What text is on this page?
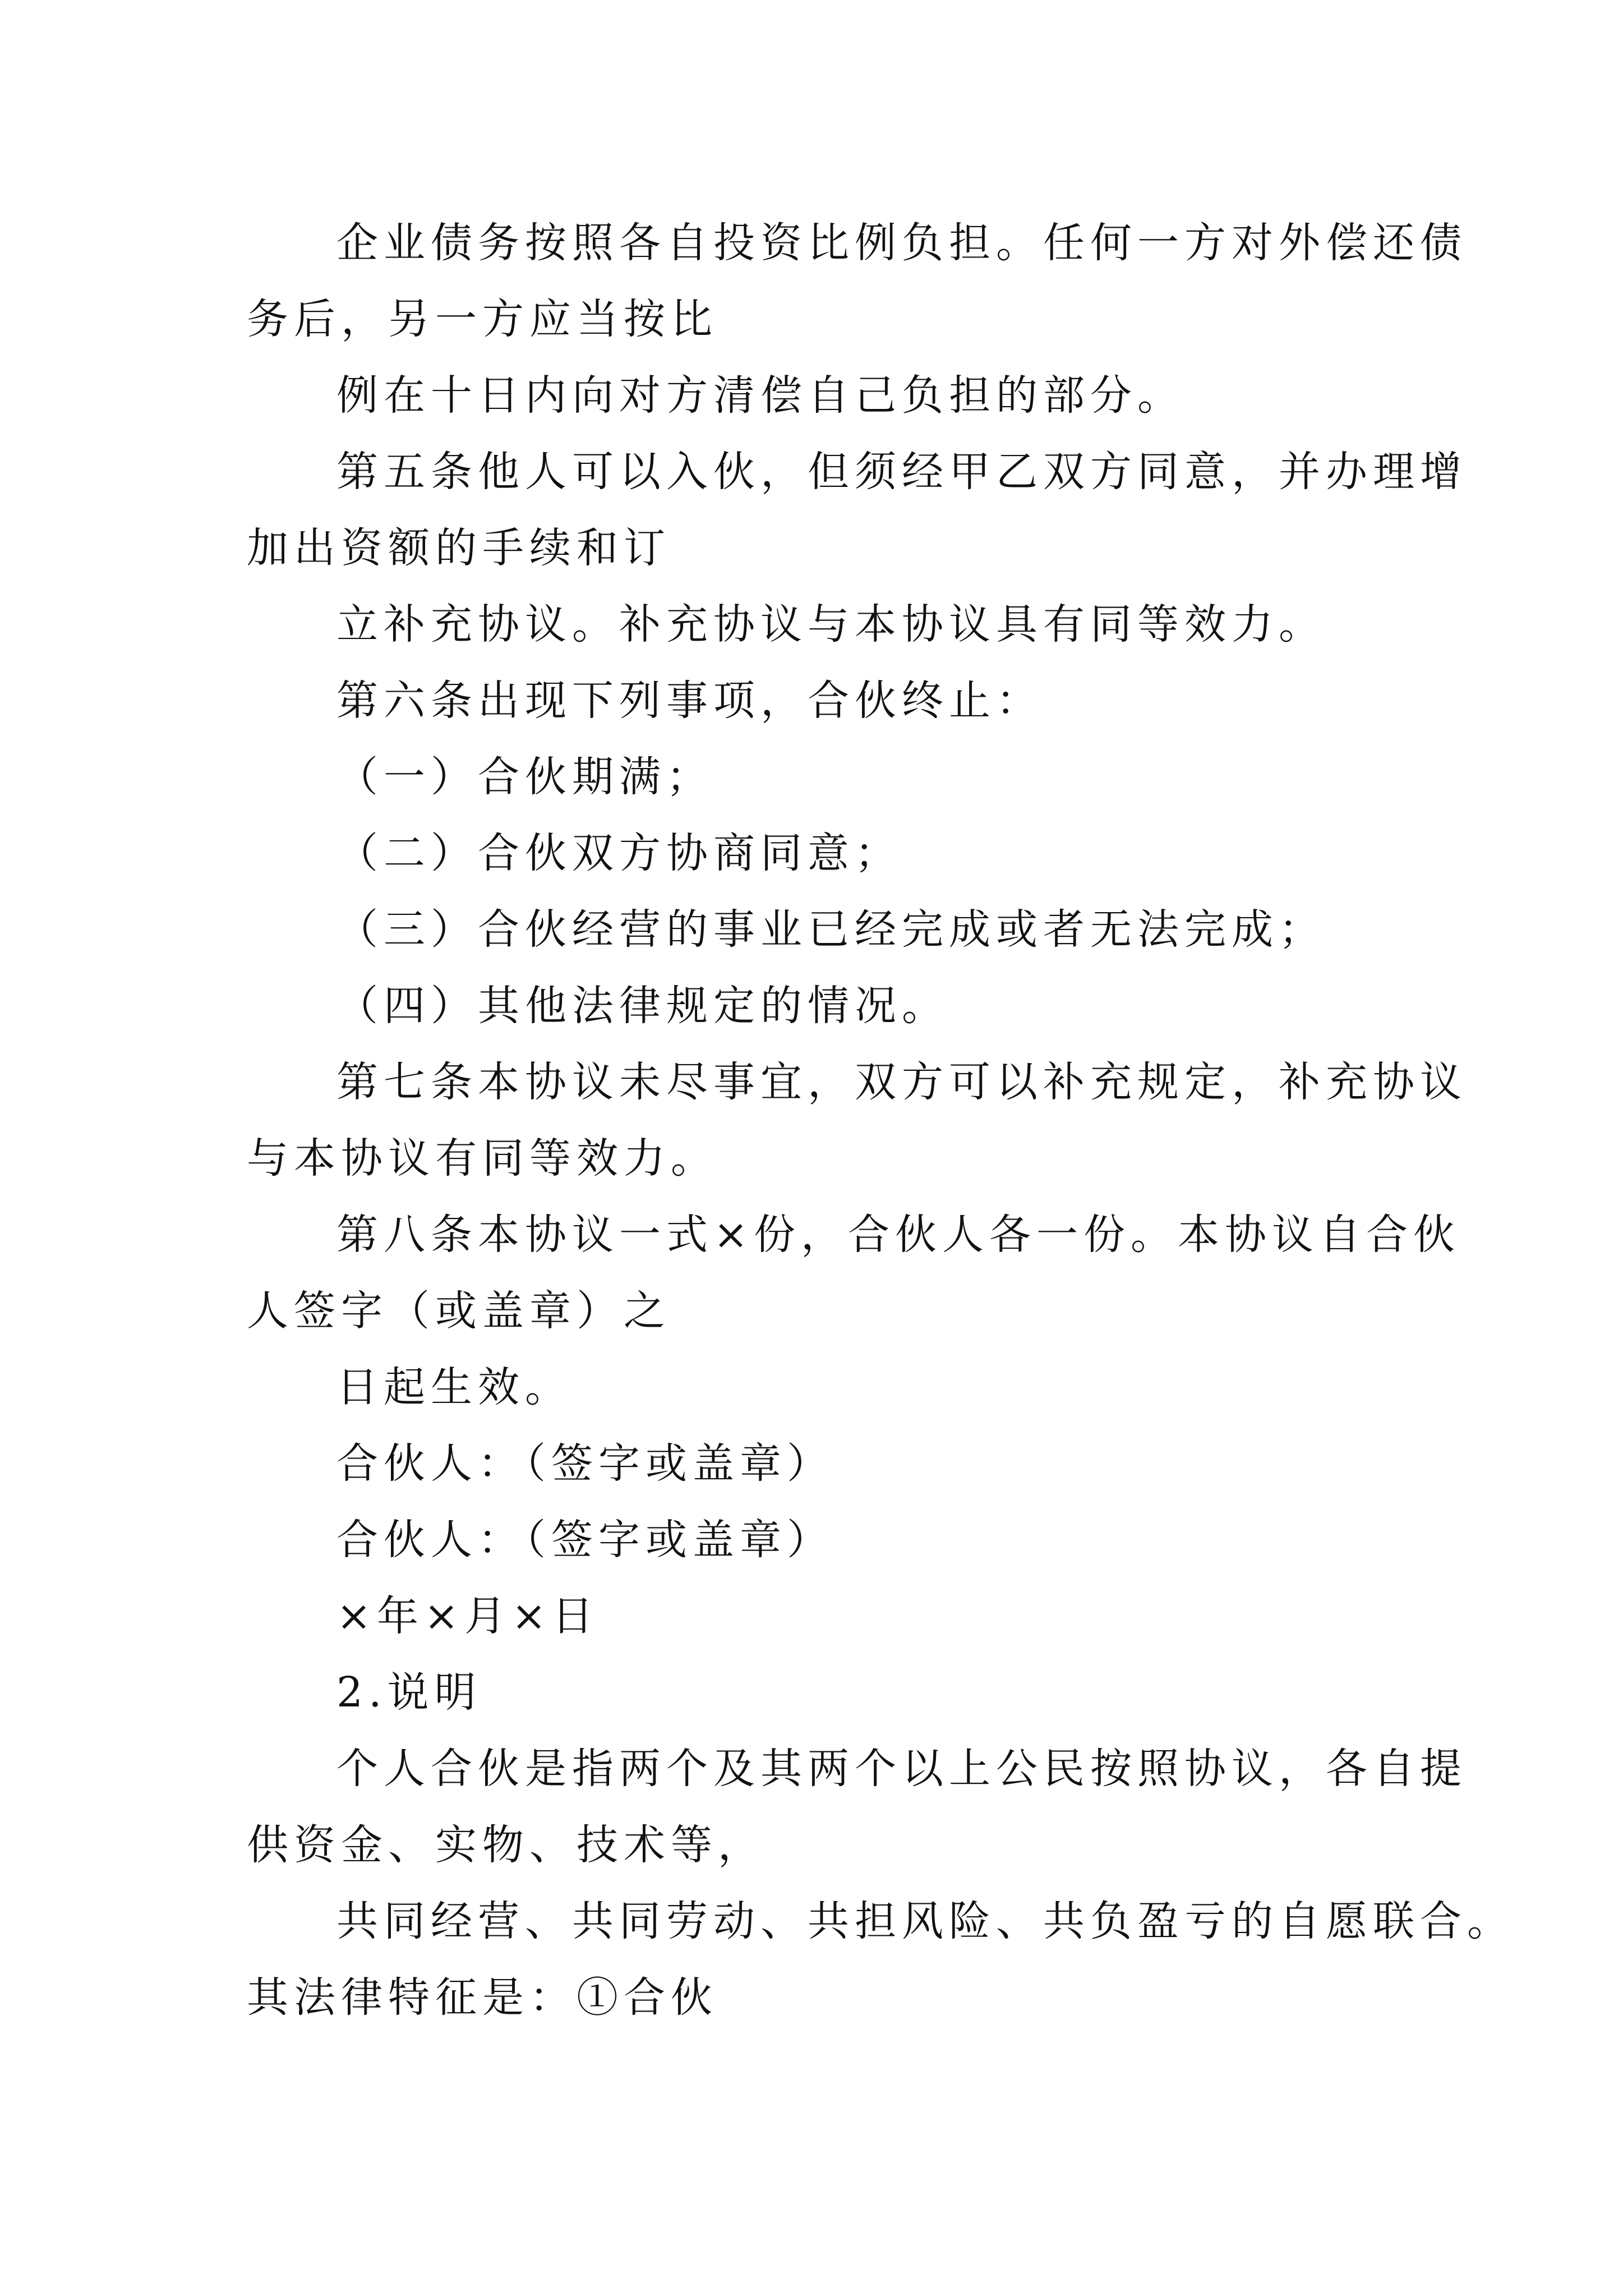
企业债务按照各自投资比例负担。任何一方对外偿还债
务后，另一方应当按比
例在十日内向对方清偿自己负担的部分。
第五条他人可以入伙，但须经甲乙双方同意，并办理增
加出资额的手续和订
立补充协议。补充协议与本协议具有同等效力。
第六条出现下列事项，合伙终止：
（一）合伙期满；
（二）合伙双方协商同意；
（三）合伙经营的事业已经完成或者无法完成；
（四）其他法律规定的情况。
第七条本协议未尽事宜，双方可以补充规定，补充协议
与本协议有同等效力。
第八条本协议一式×份，合伙人各一份。本协议自合伙
人签字（或盖章）之
日起生效。
合伙人：（签字或盖章）
合伙人：（签字或盖章）
×年×月×日
2.说明
个人合伙是指两个及其两个以上公民按照协议，各自提
供资金、实物、技术等，
共同经营、共同劳动、共担风险、共负盈亏的自愿联合。
其法律特征是：①合伙
